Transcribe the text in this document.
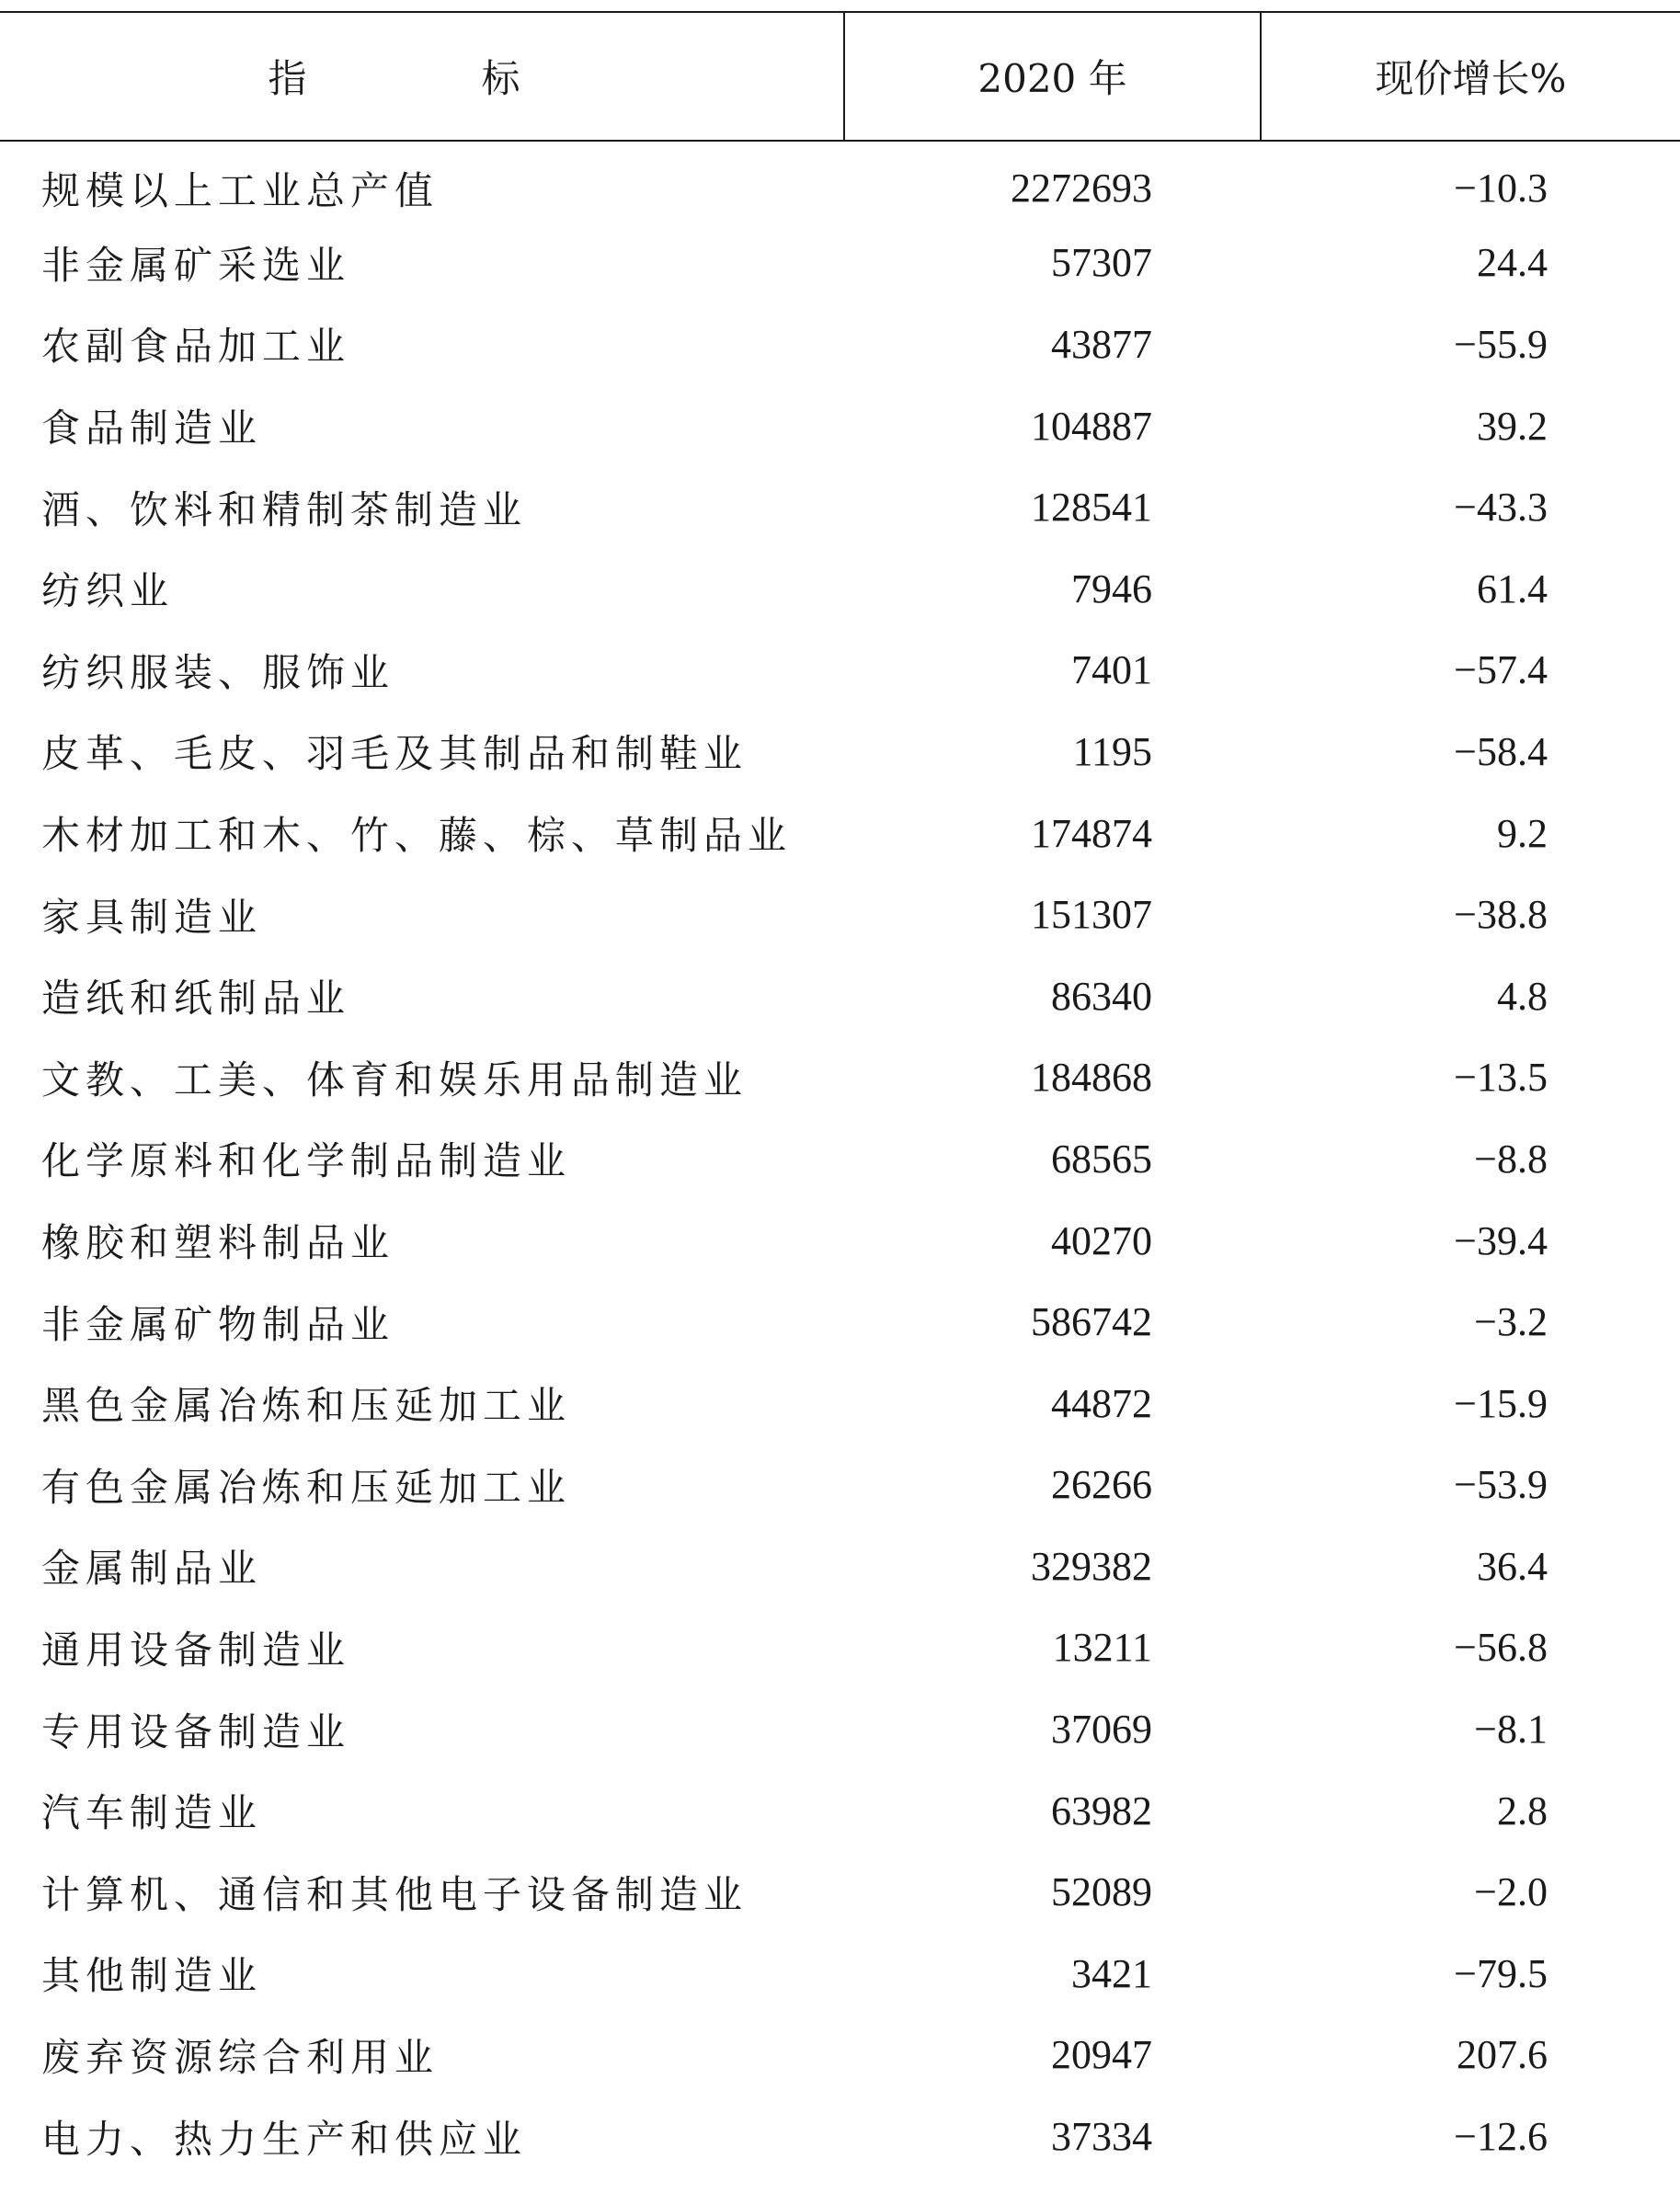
指标	2020 年	现价增长%
规模以上工业总产值	2272693	−10.3
非金属矿采选业	57307	24.4
农副食品加工业	43877	−55.9
食品制造业	104887	39.2
酒、饮料和精制茶制造业	128541	−43.3
纺织业	7946	61.4
纺织服装、服饰业	7401	−57.4
皮革、毛皮、羽毛及其制品和制鞋业	1195	−58.4
木材加工和木、竹、藤、棕、草制品业	174874	9.2
家具制造业	151307	−38.8
造纸和纸制品业	86340	4.8
文教、工美、体育和娱乐用品制造业	184868	−13.5
化学原料和化学制品制造业	68565	−8.8
橡胶和塑料制品业	40270	−39.4
非金属矿物制品业	586742	−3.2
黑色金属冶炼和压延加工业	44872	−15.9
有色金属冶炼和压延加工业	26266	−53.9
金属制品业	329382	36.4
通用设备制造业	13211	−56.8
专用设备制造业	37069	−8.1
汽车制造业	63982	2.8
计算机、通信和其他电子设备制造业	52089	−2.0
其他制造业	3421	−79.5
废弃资源综合利用业	20947	207.6
电力、热力生产和供应业	37334	−12.6
